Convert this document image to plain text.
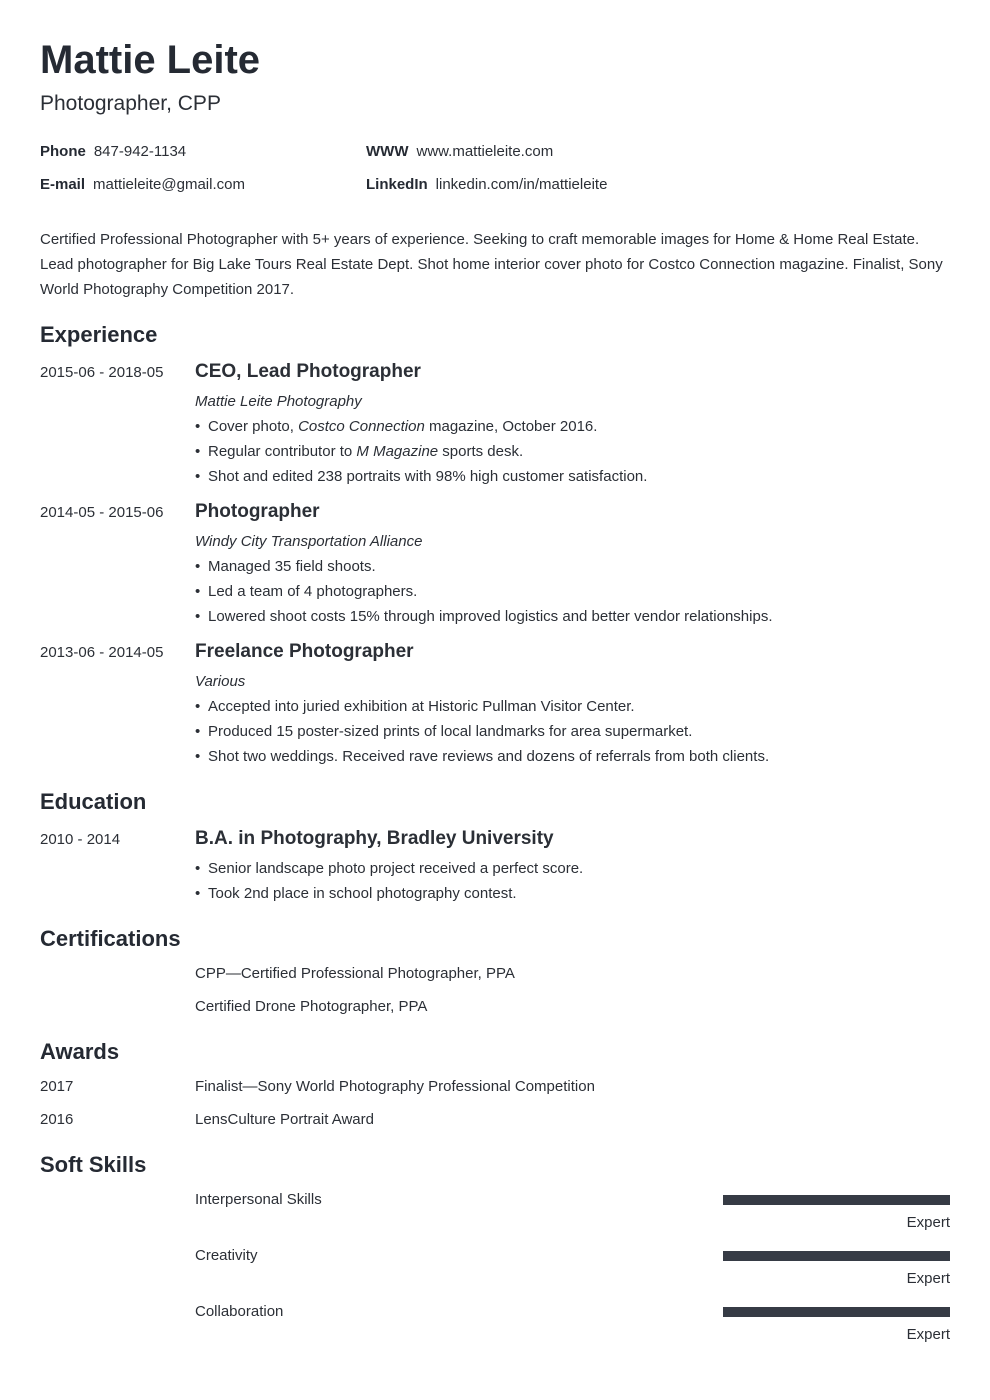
Mattie Leite
Photographer, CPP
Phone 847-942-1134	WWW www.mattieleite.com
E-mail mattieleite@gmail.com	LinkedIn linkedin.com/in/mattieleite

Certified Professional Photographer with 5+ years of experience. Seeking to craft memorable images for Home & Home Real Estate. Lead photographer for Big Lake Tours Real Estate Dept. Shot home interior cover photo for Costco Connection magazine. Finalist, Sony World Photography Competition 2017.

Experience
2015-06 - 2018-05 CEO, Lead Photographer
Mattie Leite Photography
• Cover photo, Costco Connection magazine, October 2016.
• Regular contributor to M Magazine sports desk.
• Shot and edited 238 portraits with 98% high customer satisfaction.
2014-05 - 2015-06 Photographer
Windy City Transportation Alliance
• Managed 35 field shoots.
• Led a team of 4 photographers.
• Lowered shoot costs 15% through improved logistics and better vendor relationships.
2013-06 - 2014-05 Freelance Photographer
Various
• Accepted into juried exhibition at Historic Pullman Visitor Center.
• Produced 15 poster-sized prints of local landmarks for area supermarket.
• Shot two weddings. Received rave reviews and dozens of referrals from both clients.
Education
2010 - 2014	B.A. in Photography, Bradley University
• Senior landscape photo project received a perfect score.
• Took 2nd place in school photography contest.
Certifications
CPP—Certified Professional Photographer, PPA
Certified Drone Photographer, PPA
Awards
2017	Finalist—Sony World Photography Professional Competition
2016	LensCulture Portrait Award
Soft Skills
Interpersonal Skills
Expert
Creativity
Expert
Collaboration
Expert
